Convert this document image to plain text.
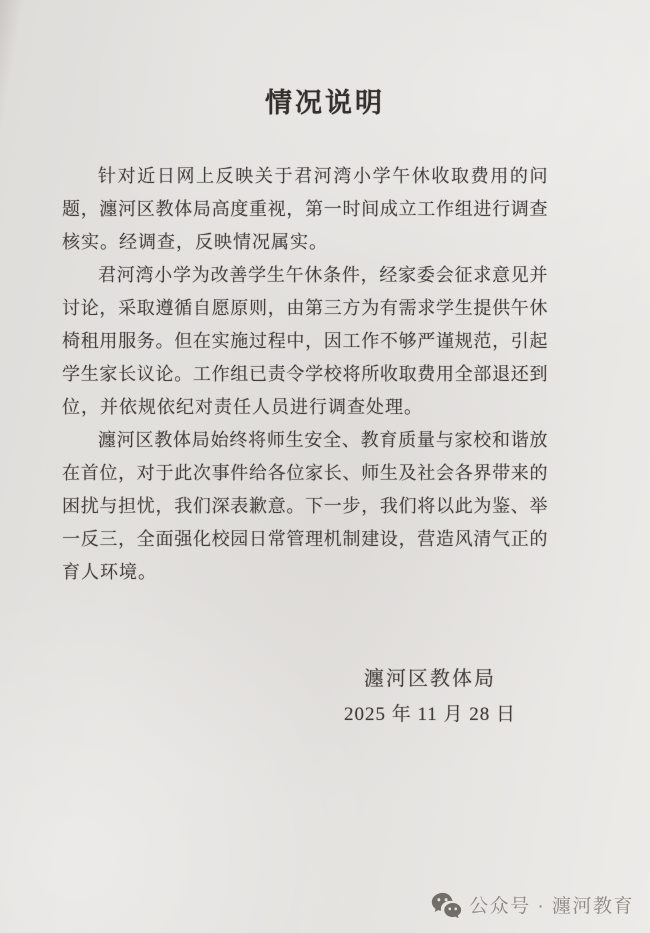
情况说明
针对近日网上反映关于君河湾小学午休收取费用的问
题，瀍河区教体局高度重视，第一时间成立工作组进行调查
核实。经调查，反映情况属实。
君河湾小学为改善学生午休条件，经家委会征求意见并
讨论，采取遵循自愿原则，由第三方为有需求学生提供午休
椅租用服务。但在实施过程中，因工作不够严谨规范，引起
学生家长议论。工作组已责令学校将所收取费用全部退还到
位，并依规依纪对责任人员进行调查处理。
瀍河区教体局始终将师生安全、教育质量与家校和谐放
在首位，对于此次事件给各位家长、师生及社会各界带来的
困扰与担忧，我们深表歉意。下一步，我们将以此为鉴、举
一反三，全面强化校园日常管理机制建设，营造风清气正的
育人环境。
瀍河区教体局
2025 年 11 月 28 日
公众号 · 瀍河教育
